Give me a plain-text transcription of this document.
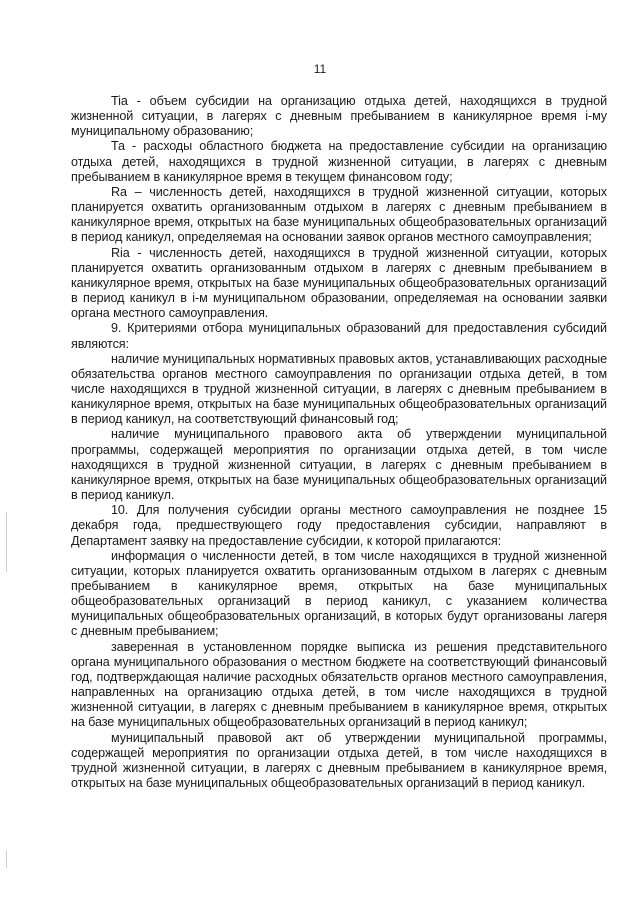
11

Tia - объем субсидии на организацию отдыха детей, находящихся в трудной жизненной ситуации, в лагерях с дневным пребыванием в каникулярное время i-му муниципальному образованию;

Та - расходы областного бюджета на предоставление субсидии на организацию отдыха детей, находящихся в трудной жизненной ситуации, в лагерях с дневным пребыванием в каникулярное время в текущем финансовом году;

Ra – численность детей, находящихся в трудной жизненной ситуации, которых планируется охватить организованным отдыхом в лагерях с дневным пребыванием в каникулярное время, открытых на базе муниципальных общеобразовательных организаций в период каникул, определяемая на основании заявок органов местного самоуправления;

Ria - численность детей, находящихся в трудной жизненной ситуации, которых планируется охватить организованным отдыхом в лагерях с дневным пребыванием в каникулярное время, открытых на базе муниципальных общеобразовательных организаций в период каникул в i-м муниципальном образовании, определяемая на основании заявки органа местного самоуправления.

9. Критериями отбора муниципальных образований для предоставления субсидий являются:

наличие муниципальных нормативных правовых актов, устанавливающих расходные обязательства органов местного самоуправления по организации отдыха детей, в том числе находящихся в трудной жизненной ситуации, в лагерях с дневным пребыванием в каникулярное время, открытых на базе муниципальных общеобразовательных организаций в период каникул, на соответствующий финансовый год;

наличие муниципального правового акта об утверждении муниципальной программы, содержащей мероприятия по организации отдыха детей, в том числе находящихся в трудной жизненной ситуации, в лагерях с дневным пребыванием в каникулярное время, открытых на базе муниципальных общеобразовательных организаций в период каникул.

10. Для получения субсидии органы местного самоуправления не позднее 15 декабря года, предшествующего году предоставления субсидии, направляют в Департамент заявку на предоставление субсидии, к которой прилагаются:

информация о численности детей, в том числе находящихся в трудной жизненной ситуации, которых планируется охватить организованным отдыхом в лагерях с дневным пребыванием в каникулярное время, открытых на базе муниципальных общеобразовательных организаций в период каникул, с указанием количества муниципальных общеобразовательных организаций, в которых будут организованы лагеря с дневным пребыванием;

заверенная в установленном порядке выписка из решения представительного органа муниципального образования о местном бюджете на соответствующий финансовый год, подтверждающая наличие расходных обязательств органов местного самоуправления, направленных на организацию отдыха детей, в том числе находящихся в трудной жизненной ситуации, в лагерях с дневным пребыванием в каникулярное время, открытых на базе муниципальных общеобразовательных организаций в период каникул;

муниципальный правовой акт об утверждении муниципальной программы, содержащей мероприятия по организации отдыха детей, в том числе находящихся в трудной жизненной ситуации, в лагерях с дневным пребыванием в каникулярное время, открытых на базе муниципальных общеобразовательных организаций в период каникул.
